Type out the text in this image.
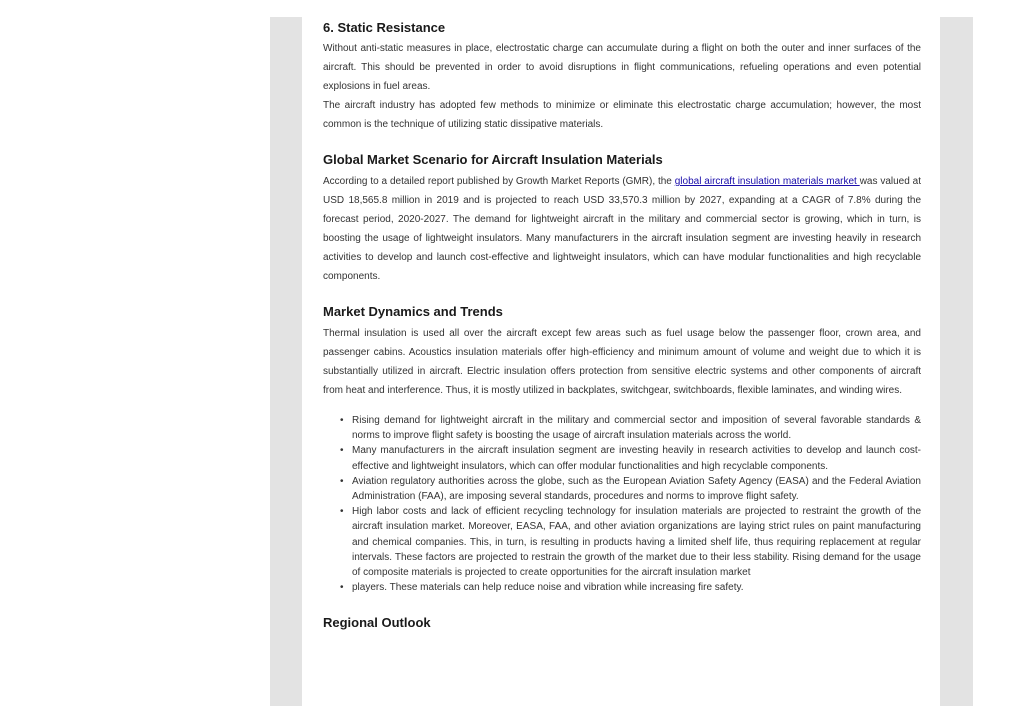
6. Static Resistance

Without anti-static measures in place, electrostatic charge can accumulate during a flight on both the outer and inner surfaces of the aircraft. This should be prevented in order to avoid disruptions in flight communications, refueling operations and even potential explosions in fuel areas.

The aircraft industry has adopted few methods to minimize or eliminate this electrostatic charge accumulation; however, the most common is the technique of utilizing static dissipative materials.

Global Market Scenario for Aircraft Insulation Materials

According to a detailed report published by Growth Market Reports (GMR), the global aircraft insulation materials market was valued at USD 18,565.8 million in 2019 and is projected to reach USD 33,570.3 million by 2027, expanding at a CAGR of 7.8% during the forecast period, 2020-2027. The demand for lightweight aircraft in the military and commercial sector is growing, which in turn, is boosting the usage of lightweight insulators. Many manufacturers in the aircraft insulation segment are investing heavily in research activities to develop and launch cost-effective and lightweight insulators, which can have modular functionalities and high recyclable components.

Market Dynamics and Trends

Thermal insulation is used all over the aircraft except few areas such as fuel usage below the passenger floor, crown area, and passenger cabins. Acoustics insulation materials offer high-efficiency and minimum amount of volume and weight due to which it is substantially utilized in aircraft. Electric insulation offers protection from sensitive electric systems and other components of aircraft from heat and interference. Thus, it is mostly utilized in backplates, switchgear, switchboards, flexible laminates, and winding wires.

• Rising demand for lightweight aircraft in the military and commercial sector and imposition of several favorable standards & norms to improve flight safety is boosting the usage of aircraft insulation materials across the world.
• Many manufacturers in the aircraft insulation segment are investing heavily in research activities to develop and launch cost-effective and lightweight insulators, which can offer modular functionalities and high recyclable components.
• Aviation regulatory authorities across the globe, such as the European Aviation Safety Agency (EASA) and the Federal Aviation Administration (FAA), are imposing several standards, procedures and norms to improve flight safety.
• High labor costs and lack of efficient recycling technology for insulation materials are projected to restraint the growth of the aircraft insulation market. Moreover, EASA, FAA, and other aviation organizations are laying strict rules on paint manufacturing and chemical companies. This, in turn, is resulting in products having a limited shelf life, thus requiring replacement at regular intervals. These factors are projected to restrain the growth of the market due to their less stability. Rising demand for the usage of composite materials is projected to create opportunities for the aircraft insulation market
• players. These materials can help reduce noise and vibration while increasing fire safety.
Regional Outlook
